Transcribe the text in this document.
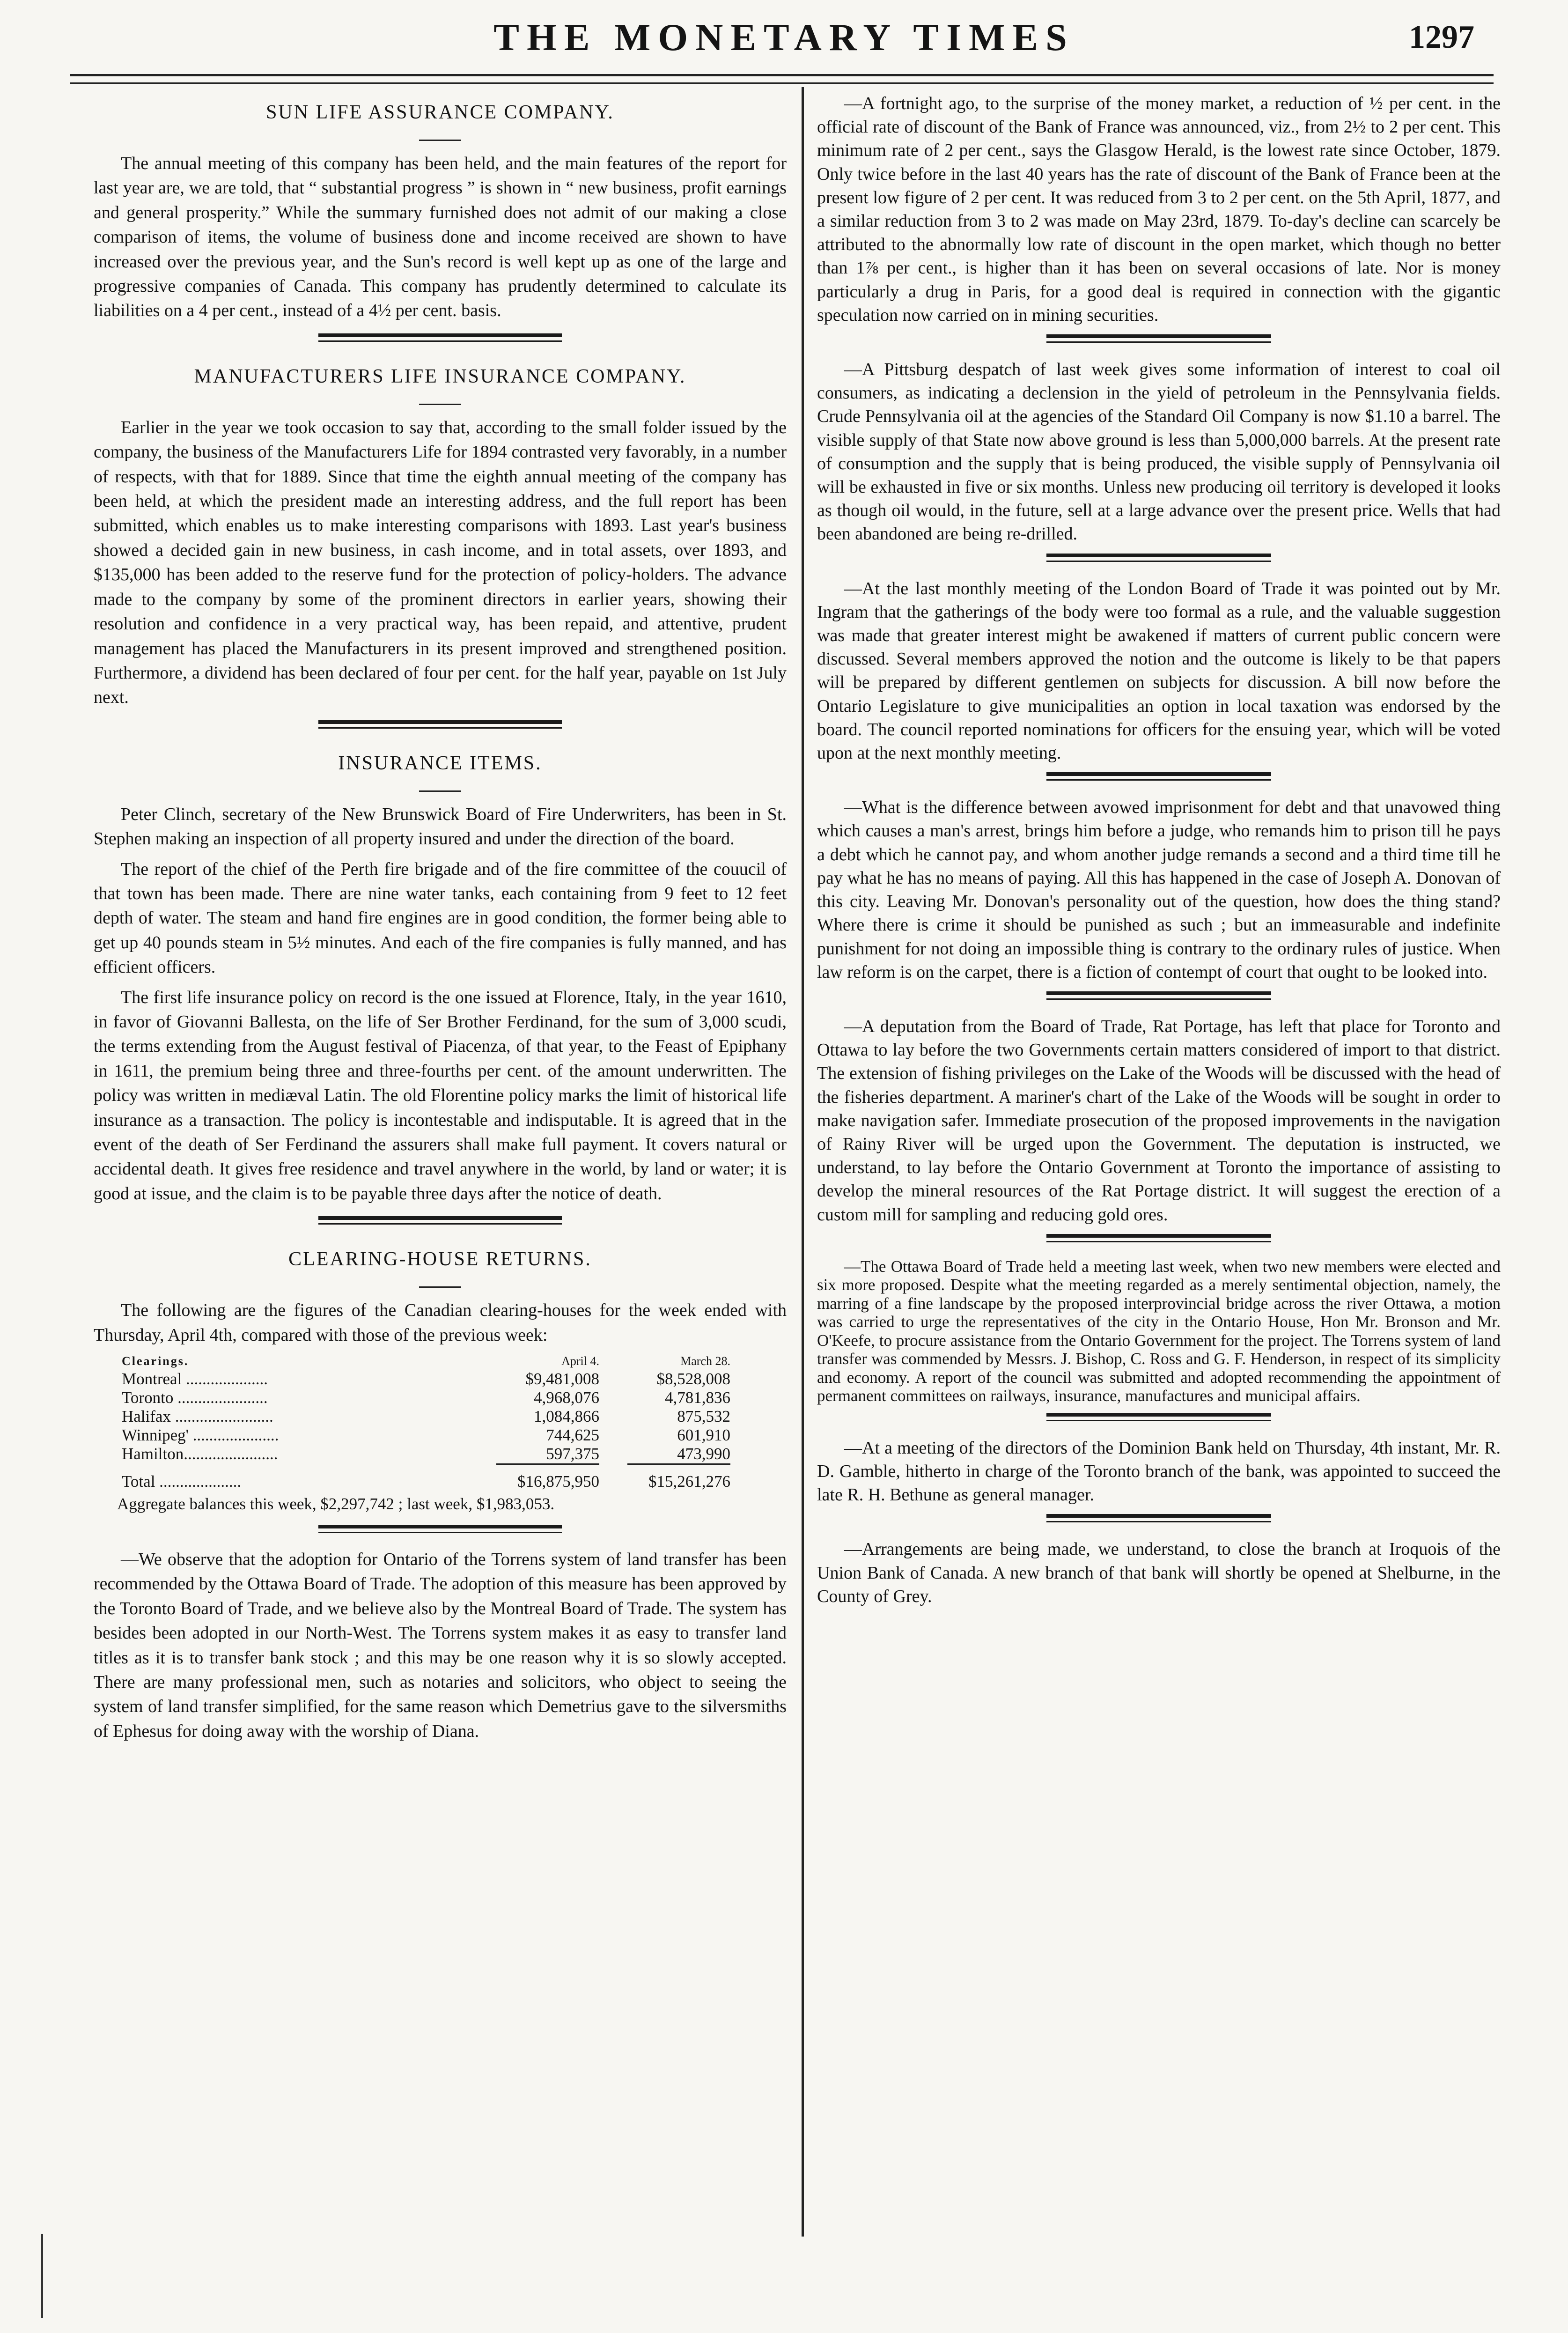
THE MONETARY TIMES	1297
SUN LIFE ASSURANCE COMPANY.

The annual meeting of this company has been held, and the main features of the report for last year are, we are told, that “ substantial progress ” is shown in “ new business, profit earnings and general prosperity.” While the summary furnished does not admit of our making a close comparison of items, the volume of business done and income received are shown to have increased over the previous year, and the Sun's record is well kept up as one of the large and progressive companies of Canada. This company has prudently determined to calculate its liabilities on a 4 per cent., instead of a 4½ per cent. basis.

MANUFACTURERS LIFE INSURANCE COMPANY.

Earlier in the year we took occasion to say that, according to the small folder issued by the company, the business of the Manufacturers Life for 1894 contrasted very favorably, in a number of respects, with that for 1889. Since that time the eighth annual meeting of the company has been held, at which the president made an interesting address, and the full report has been submitted, which enables us to make interesting comparisons with 1893. Last year's business showed a decided gain in new business, in cash income, and in total assets, over 1893, and $135,000 has been added to the reserve fund for the protection of policy-holders. The advance made to the company by some of the prominent directors in earlier years, showing their resolution and confidence in a very practical way, has been repaid, and attentive, prudent management has placed the Manufacturers in its present improved and strengthened position. Furthermore, a dividend has been declared of four per cent. for the half year, payable on 1st July next.

INSURANCE ITEMS.

Peter Clinch, secretary of the New Brunswick Board of Fire Underwriters, has been in St. Stephen making an inspection of all property insured and under the direction of the board.

The report of the chief of the Perth fire brigade and of the fire committee of the couucil of that town has been made. There are nine water tanks, each containing from 9 feet to 12 feet depth of water. The steam and hand fire engines are in good condition, the former being able to get up 40 pounds steam in 5½ minutes. And each of the fire companies is fully manned, and has efficient officers.

The first life insurance policy on record is the one issued at Florence, Italy, in the year 1610, in favor of Giovanni Ballesta, on the life of Ser Brother Ferdinand, for the sum of 3,000 scudi, the terms extending from the August festival of Piacenza, of that year, to the Feast of Epiphany in 1611, the premium being three and three-fourths per cent. of the amount underwritten. The policy was written in mediæval Latin. The old Florentine policy marks the limit of historical life insurance as a transaction. The policy is incontestable and indisputable. It is agreed that in the event of the death of Ser Ferdinand the assurers shall make full payment. It covers natural or accidental death. It gives free residence and travel anywhere in the world, by land or water; it is good at issue, and the claim is to be payable three days after the notice of death.

CLEARING-HOUSE RETURNS.

The following are the figures of the Canadian clearing-houses for the week ended with Thursday, April 4th, compared with those of the previous week:

Clearings.	April 4.	March 28.
Montreal ....................	$9,481,008	$8,528,008
Toronto ......................	4,968,076	4,781,836
Halifax ........................	1,084,866	875,532
Winnipeg' .....................	744,625	601,910
Hamilton.......................	597,375	473,990

Total ....................	$16,875,950	$15,261,276
Aggregate balances this week, $2,297,742 ; last week, $1,983,053.

—We observe that the adoption for Ontario of the Torrens system of land transfer has been recommended by the Ottawa Board of Trade. The adoption of this measure has been approved by the Toronto Board of Trade, and we believe also by the Montreal Board of Trade. The system has besides been adopted in our North-West. The Torrens system makes it as easy to transfer land titles as it is to transfer bank stock ; and this may be one reason why it is so slowly accepted. There are many professional men, such as notaries and solicitors, who object to seeing the system of land transfer simplified, for the same reason which Demetrius gave to the silversmiths of Ephesus for doing away with the worship of Diana.

—A fortnight ago, to the surprise of the money market, a reduction of ½ per cent. in the official rate of discount of the Bank of France was announced, viz., from 2½ to 2 per cent. This minimum rate of 2 per cent., says the Glasgow Herald, is the lowest rate since October, 1879. Only twice before in the last 40 years has the rate of discount of the Bank of France been at the present low figure of 2 per cent. It was reduced from 3 to 2 per cent. on the 5th April, 1877, and a similar reduction from 3 to 2 was made on May 23rd, 1879. To-day's decline can scarcely be attributed to the abnormally low rate of discount in the open market, which though no better than 1⅞ per cent., is higher than it has been on several occasions of late. Nor is money particularly a drug in Paris, for a good deal is required in connection with the gigantic speculation now carried on in mining securities.

—A Pittsburg despatch of last week gives some information of interest to coal oil consumers, as indicating a declension in the yield of petroleum in the Pennsylvania fields. Crude Pennsylvania oil at the agencies of the Standard Oil Company is now $1.10 a barrel. The visible supply of that State now above ground is less than 5,000,000 barrels. At the present rate of consumption and the supply that is being produced, the visible supply of Pennsylvania oil will be exhausted in five or six months. Unless new producing oil territory is developed it looks as though oil would, in the future, sell at a large advance over the present price. Wells that had been abandoned are being re-drilled.

—At the last monthly meeting of the London Board of Trade it was pointed out by Mr. Ingram that the gatherings of the body were too formal as a rule, and the valuable suggestion was made that greater interest might be awakened if matters of current public concern were discussed. Several members approved the notion and the outcome is likely to be that papers will be prepared by different gentlemen on subjects for discussion. A bill now before the Ontario Legislature to give municipalities an option in local taxation was endorsed by the board. The council reported nominations for officers for the ensuing year, which will be voted upon at the next monthly meeting.

—What is the difference between avowed imprisonment for debt and that unavowed thing which causes a man's arrest, brings him before a judge, who remands him to prison till he pays a debt which he cannot pay, and whom another judge remands a second and a third time till he pay what he has no means of paying. All this has happened in the case of Joseph A. Donovan of this city. Leaving Mr. Donovan's personality out of the question, how does the thing stand? Where there is crime it should be punished as such ; but an immeasurable and indefinite punishment for not doing an impossible thing is contrary to the ordinary rules of justice. When law reform is on the carpet, there is a fiction of contempt of court that ought to be looked into.

—A deputation from the Board of Trade, Rat Portage, has left that place for Toronto and Ottawa to lay before the two Governments certain matters considered of import to that district. The extension of fishing privileges on the Lake of the Woods will be discussed with the head of the fisheries department. A mariner's chart of the Lake of the Woods will be sought in order to make navigation safer. Immediate prosecution of the proposed improvements in the navigation of Rainy River will be urged upon the Government. The deputation is instructed, we understand, to lay before the Ontario Government at Toronto the importance of assisting to develop the mineral resources of the Rat Portage district. It will suggest the erection of a custom mill for sampling and reducing gold ores.

—The Ottawa Board of Trade held a meeting last week, when two new members were elected and six more proposed. Despite what the meeting regarded as a merely sentimental objection, namely, the marring of a fine landscape by the proposed interprovincial bridge across the river Ottawa, a motion was carried to urge the representatives of the city in the Ontario House, Hon Mr. Bronson and Mr. O'Keefe, to procure assistance from the Ontario Government for the project. The Torrens system of land transfer was commended by Messrs. J. Bishop, C. Ross and G. F. Henderson, in respect of its simplicity and economy. A report of the council was submitted and adopted recommending the appointment of permanent committees on railways, insurance, manufactures and municipal affairs.

—At a meeting of the directors of the Dominion Bank held on Thursday, 4th instant, Mr. R. D. Gamble, hitherto in charge of the Toronto branch of the bank, was appointed to succeed the late R. H. Bethune as general manager.

—Arrangements are being made, we understand, to close the branch at Iroquois of the Union Bank of Canada. A new branch of that bank will shortly be opened at Shelburne, in the County of Grey.
